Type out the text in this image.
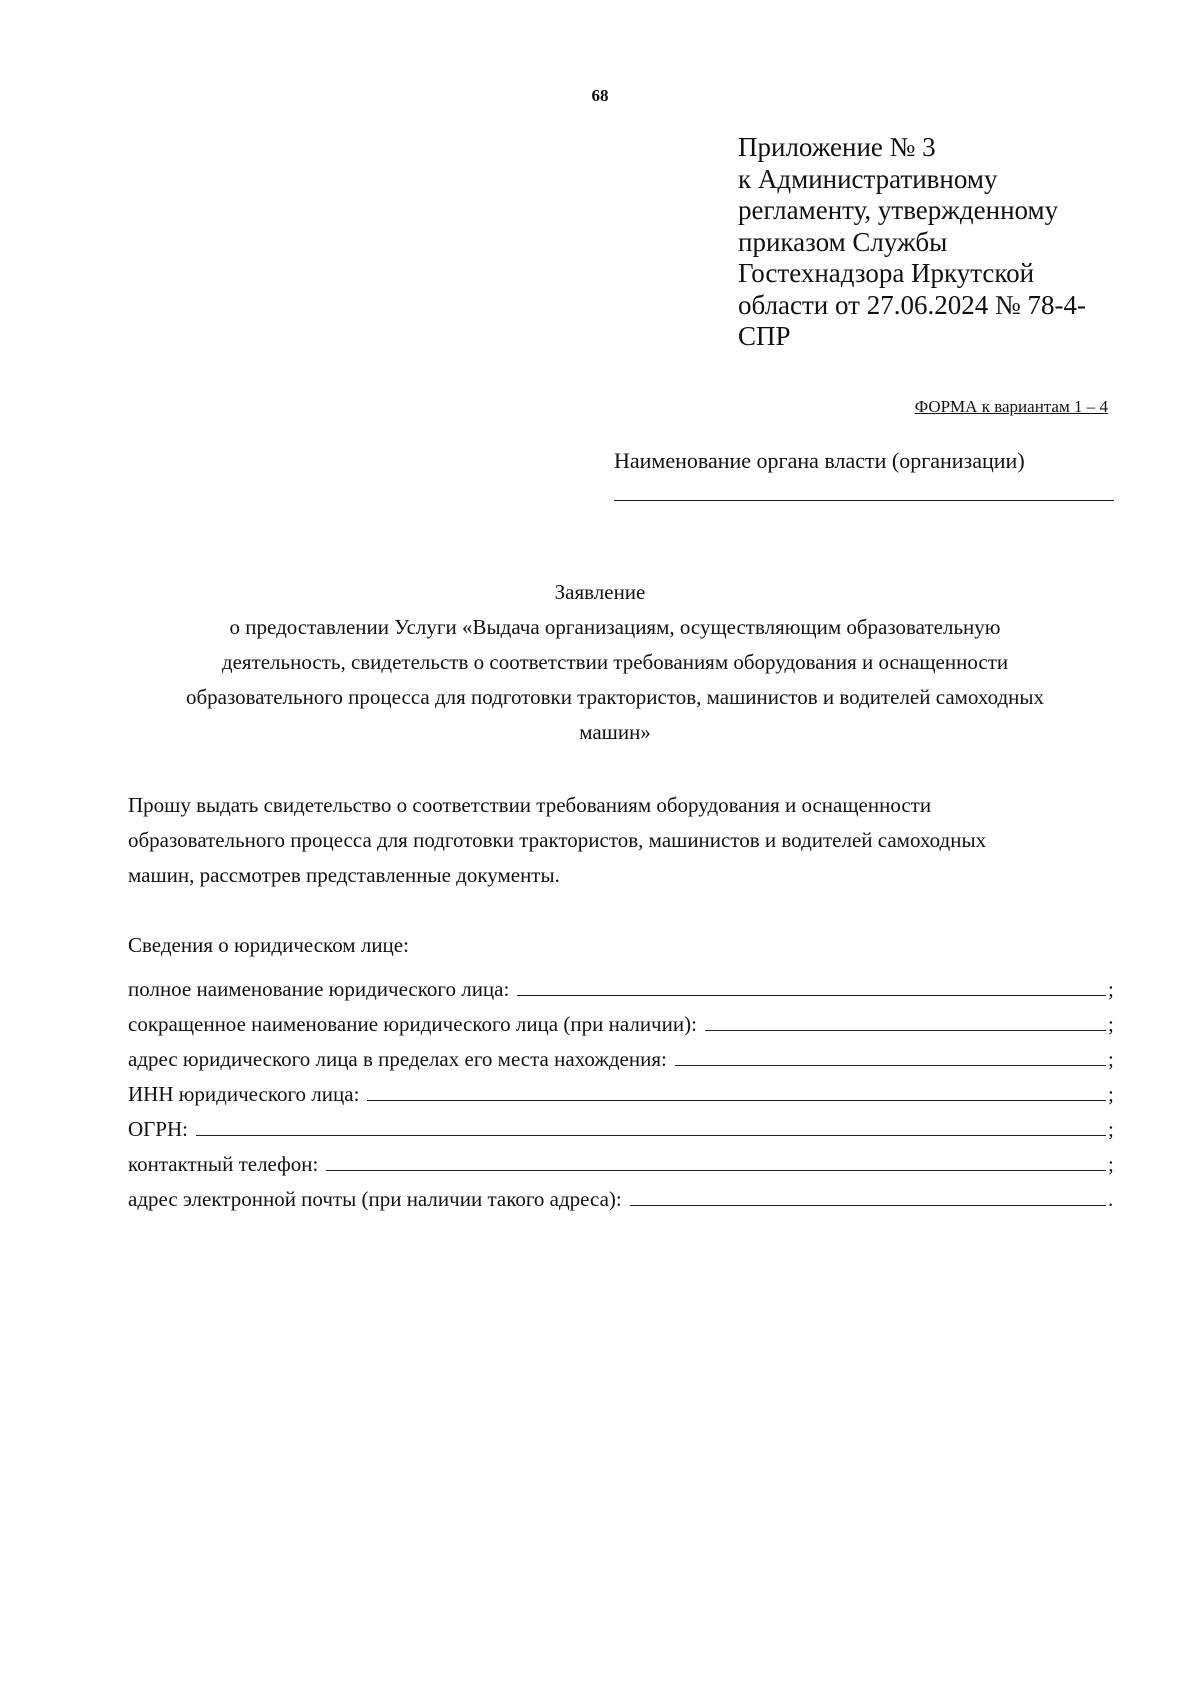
68
Приложение № 3
к Административному
регламенту, утвержденному
приказом Службы
Гостехнадзора Иркутской
области от 27.06.2024 № 78-4-
СПР
ФОРМА к вариантам 1 – 4
Наименование органа власти (организации)
Заявление
о предоставлении Услуги «Выдача организациям, осуществляющим образовательную
деятельность, свидетельств о соответствии требованиям оборудования и оснащенности
образовательного процесса для подготовки трактористов, машинистов и водителей самоходных
машин»
Прошу выдать свидетельство о соответствии требованиям оборудования и оснащенности
образовательного процесса для подготовки трактористов, машинистов и водителей самоходных
машин, рассмотрев представленные документы.
Сведения о юридическом лице:
полное наименование юридического лица:	;
сокращенное наименование юридического лица (при наличии):	;
адрес юридического лица в пределах его места нахождения:	;
ИНН юридического лица:	;
ОГРН:	;
контактный телефон:	;
адрес электронной почты (при наличии такого адреса):	.
